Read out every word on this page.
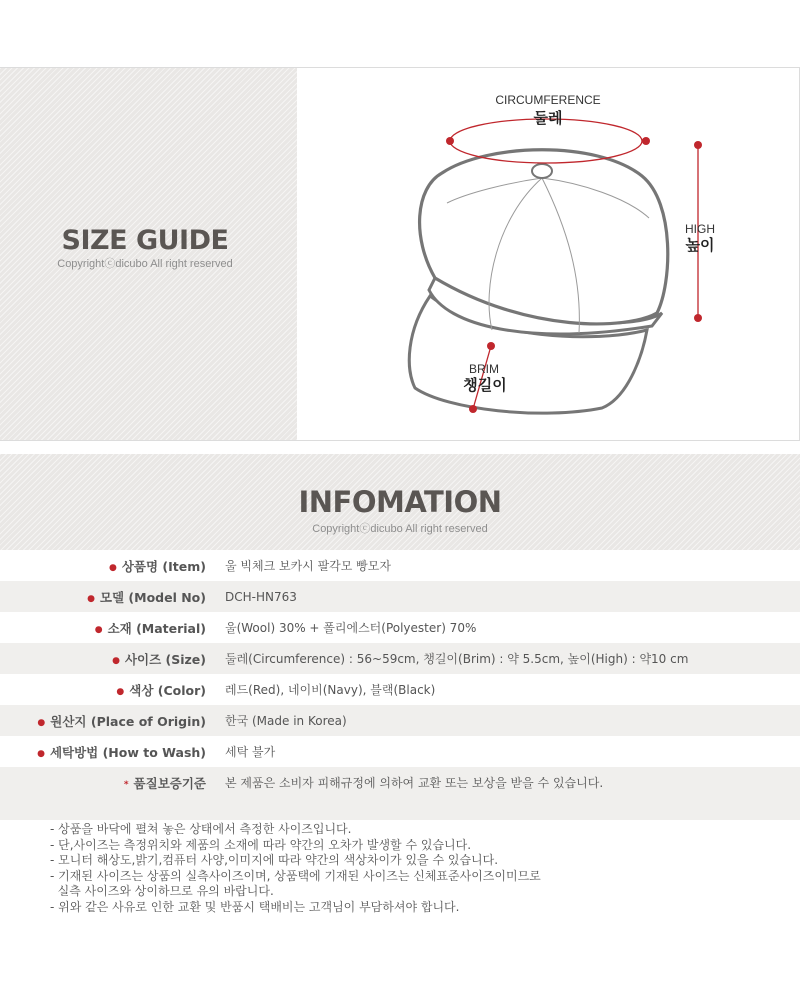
SIZE GUIDE
Copyrightⓒdicubo All right reserved
CIRCUMFERENCE
둘레
HIGH
높이
BRIM
챙길이
INFOMATION
Copyrightⓒdicubo All right reserved
● 상품명 (Item)	울 빅체크 보카시 팔각모 빵모자
● 모델 (Model No)	DCH-HN763
● 소재 (Material)	울(Wool) 30% + 폴리에스터(Polyester) 70%
● 사이즈 (Size)	둘레(Circumference) : 56~59cm, 챙길이(Brim) : 약 5.5cm, 높이(High) : 약10 cm
● 색상 (Color)	레드(Red), 네이비(Navy), 블랙(Black)
● 원산지 (Place of Origin)	한국 (Made in Korea)
● 세탁방법 (How to Wash)	세탁 불가
* 품질보증기준	본 제품은 소비자 피해규정에 의하여 교환 또는 보상을 받을 수 있습니다.
- 상품을 바닥에 펼쳐 놓은 상태에서 측정한 사이즈입니다.
- 단,사이즈는 측정위치와 제품의 소재에 따라 약간의 오차가 발생할 수 있습니다.
- 모니터 해상도,밝기,컴퓨터 사양,이미지에 따라 약간의 색상차이가 있을 수 있습니다.
- 기재된 사이즈는 상품의 실측사이즈이며, 상품택에 기재된 사이즈는 신체표준사이즈이미므로
실측 사이즈와 상이하므로 유의 바랍니다.
- 위와 같은 사유로 인한 교환 및 반품시 택배비는 고객님이 부담하셔야 합니다.
